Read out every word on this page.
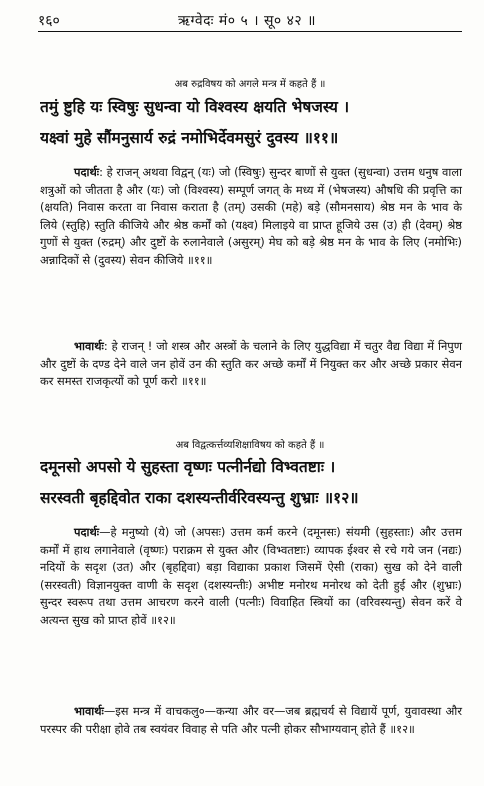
१६०	ऋग्वेदः मं० ५ । सू० ४२ ॥
अब रुद्रविषय को अगले मन्त्र में कहते हैं ॥
तमुं ष्टुहि यः स्विषुः सुधन्वा यो विश्वस्य क्षयति भेषजस्य ।
यक्ष्वां मुहे सौंमनुसार्य रुद्रं नमोभिर्देवमसुरं दुवस्य ॥११॥

पदार्थः: हे राजन् अथवा विद्वन् (यः) जो (स्विषुः) सुन्दर बाणों से युक्त (सुधन्वा) उत्तम धनुष वाला शत्रुओं को जीतता है और (यः) जो (विश्वस्य) सम्पूर्ण जगत् के मध्य में (भेषजस्य) औषधि की प्रवृत्ति का (क्षयति) निवास करता वा निवास कराता है (तम्) उसकी (महे) बड़े (सौमनसाय) श्रेष्ठ मन के भाव के लिये (स्तुहि) स्तुति कीजिये और श्रेष्ठ कर्मों को (यक्ष्व) मिलाइये वा प्राप्त हूजिये उस (उ) ही (देवम्) श्रेष्ठ गुणों से युक्त (रुद्रम्) और दुष्टों के रुलानेवाले (असुरम्) मेघ को बड़े श्रेष्ठ मन के भाव के लिए (नमोभिः) अन्नादिकों से (दुवस्य) सेवन कीजिये ॥११॥

भावार्थः: हे राजन् ! जो शस्त्र और अस्त्रों के चलाने के लिए युद्धविद्या में चतुर वैद्य विद्या में निपुण और दुष्टों के दण्ड देने वाले जन होवें उन की स्तुति कर अच्छे कर्मों में नियुक्त कर और अच्छे प्रकार सेवन कर समस्त राजकृत्यों को पूर्ण करो ॥११॥

अब विद्वत्कर्त्तव्यशिक्षाविषय को कहते हैं ॥
दमूनसो अपसो ये सुहस्ता वृष्णः पत्नीर्नद्यो विभ्वतष्टाः ।
सरस्वती बृहद्दिवोत राका दशस्यन्तीर्वरिवस्यन्तु शुभ्राः ॥१२॥

पदार्थः—हे मनुष्यो (ये) जो (अपसः) उत्तम कर्म करने (दमूनसः) संयमी (सुहस्ताः) और उत्तम कर्मों में हाथ लगानेवाले (वृष्णः) पराक्रम से युक्त और (विभ्वतष्टाः) व्यापक ईश्वर से रचे गये जन (नद्यः) नदियों के सदृश (उत) और (बृहद्दिवा) बड़ा विद्याका प्रकाश जिसमें ऐसी (राका) सुख को देने वाली (सरस्वती) विज्ञानयुक्त वाणी के सदृश (दशस्यन्तीः) अभीष्ट मनोरथ मनोरथ को देती हुई और (शुभ्राः) सुन्दर स्वरूप तथा उत्तम आचरण करने वाली (पत्नीः) विवाहित स्त्रियों का (वरिवस्यन्तु) सेवन करें वे अत्यन्त सुख को प्राप्त होवें ॥१२॥

भावार्थः—इस मन्त्र में वाचकलु०—कन्या और वर—जब ब्रह्मचर्य से विद्यायें पूर्ण, युवावस्था और परस्पर की परीक्षा होवे तब स्वयंवर विवाह से पति और पत्नी होकर सौभाग्यवान् होते हैं ॥१२॥
